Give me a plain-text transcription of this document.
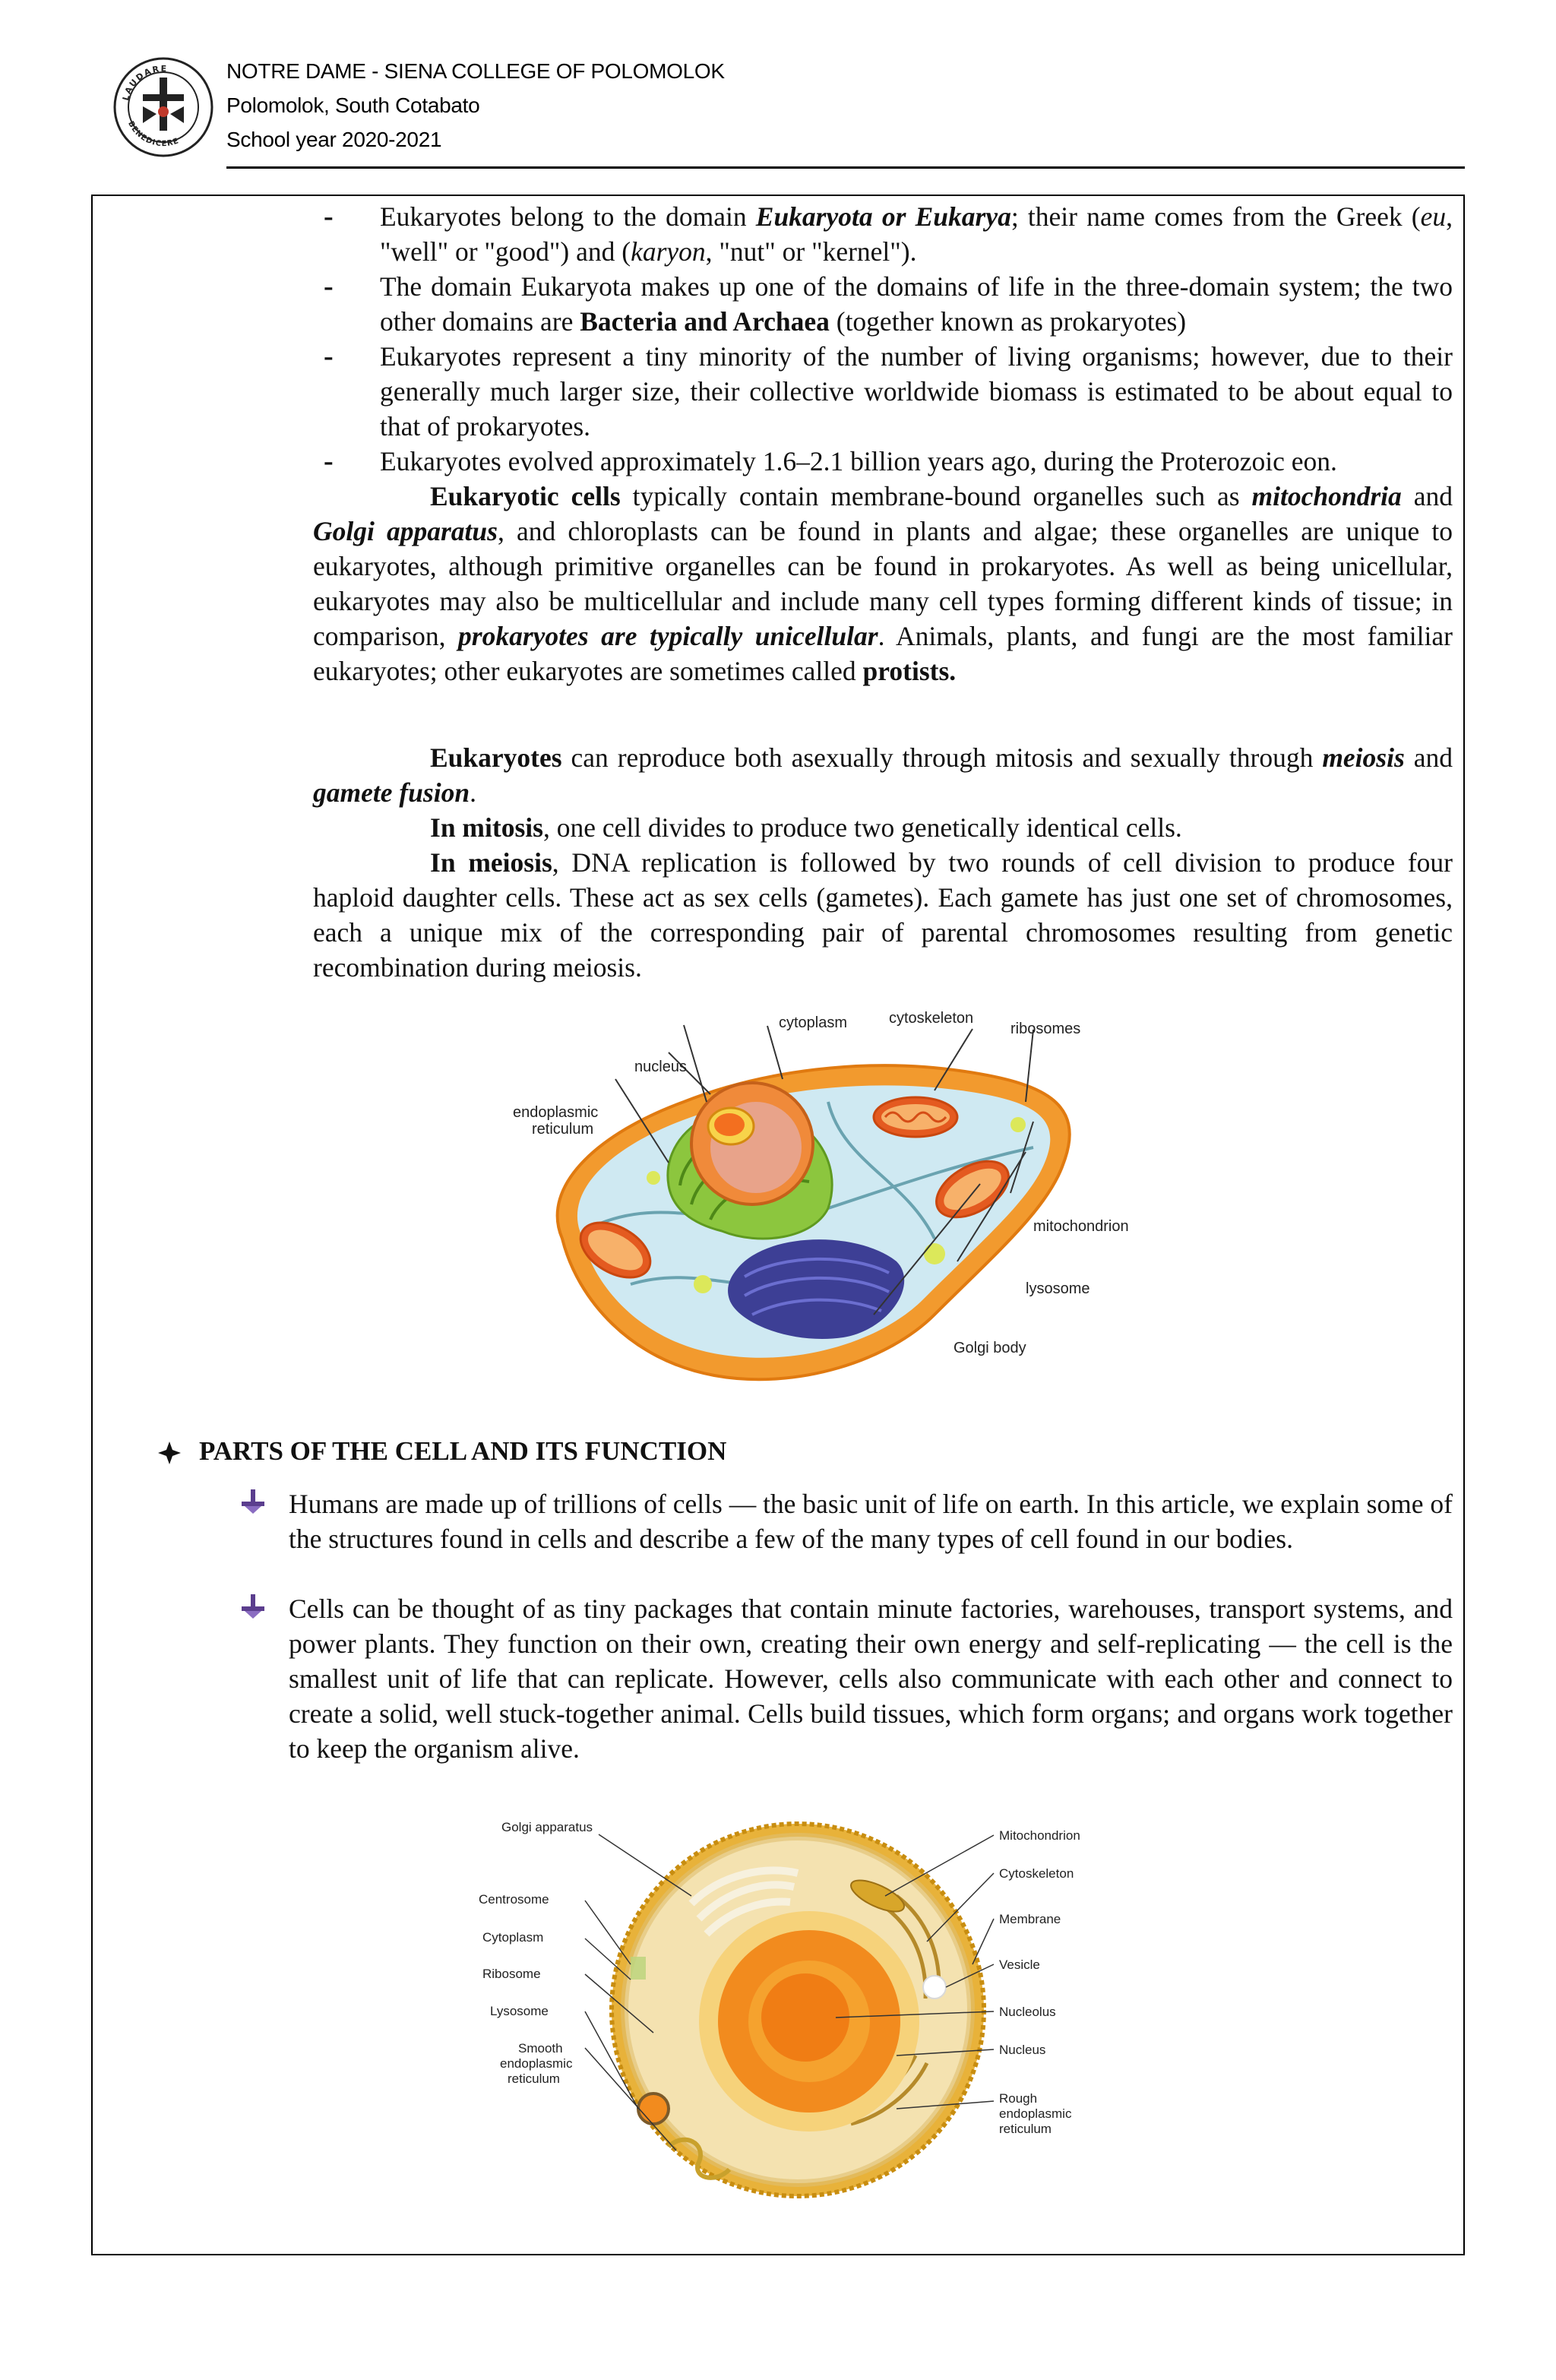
LAUDARE
BENEDICERE
NOTRE DAME - SIENA COLLEGE OF POLOMOLOK
Polomolok, South Cotabato
School year 2020-2021
- Eukaryotes belong to the domain Eukaryota or Eukarya; their name comes from the Greek (eu, "well" or "good") and (karyon, "nut" or "kernel").
- The domain Eukaryota makes up one of the domains of life in the three-domain system; the two other domains are Bacteria and Archaea (together known as prokaryotes)
- Eukaryotes represent a tiny minority of the number of living organisms; however, due to their generally much larger size, their collective worldwide biomass is estimated to be about equal to that of prokaryotes.
- Eukaryotes evolved approximately 1.6–2.1 billion years ago, during the Proterozoic eon.
Eukaryotic cells typically contain membrane-bound organelles such as mitochondria and Golgi apparatus, and chloroplasts can be found in plants and algae; these organelles are unique to eukaryotes, although primitive organelles can be found in prokaryotes. As well as being unicellular, eukaryotes may also be multicellular and include many cell types forming different kinds of tissue; in comparison, prokaryotes are typically unicellular. Animals, plants, and fungi are the most familiar eukaryotes; other eukaryotes are sometimes called protists.
Eukaryotes can reproduce both asexually through mitosis and sexually through meiosis and gamete fusion.
In mitosis, one cell divides to produce two genetically identical cells.
In meiosis, DNA replication is followed by two rounds of cell division to produce four haploid daughter cells. These act as sex cells (gametes). Each gamete has just one set of chromosomes, each a unique mix of the corresponding pair of parental chromosomes resulting from genetic recombination during meiosis.
cytoplasm	cytoskeleton
ribosomes
nucleus
endoplasmic
reticulum
mitochondrion
lysosome
Golgi body
PARTS OF THE CELL AND ITS FUNCTION
Humans are made up of trillions of cells — the basic unit of life on earth. In this article, we explain some of the structures found in cells and describe a few of the many types of cell found in our bodies.
Cells can be thought of as tiny packages that contain minute factories, warehouses, transport systems, and power plants. They function on their own, creating their own energy and self-replicating — the cell is the smallest unit of life that can replicate. However, cells also communicate with each other and connect to create a solid, well stuck-together animal. Cells build tissues, which form organs; and organs work together to keep the organism alive.
Golgi apparatus
Centrosome
Cytoplasm
Ribosome
Lysosome
Smooth
endoplasmic
reticulum
Mitochondrion
Cytoskeleton
Membrane
Vesicle
Nucleolus
Nucleus
Rough
endoplasmic
reticulum
